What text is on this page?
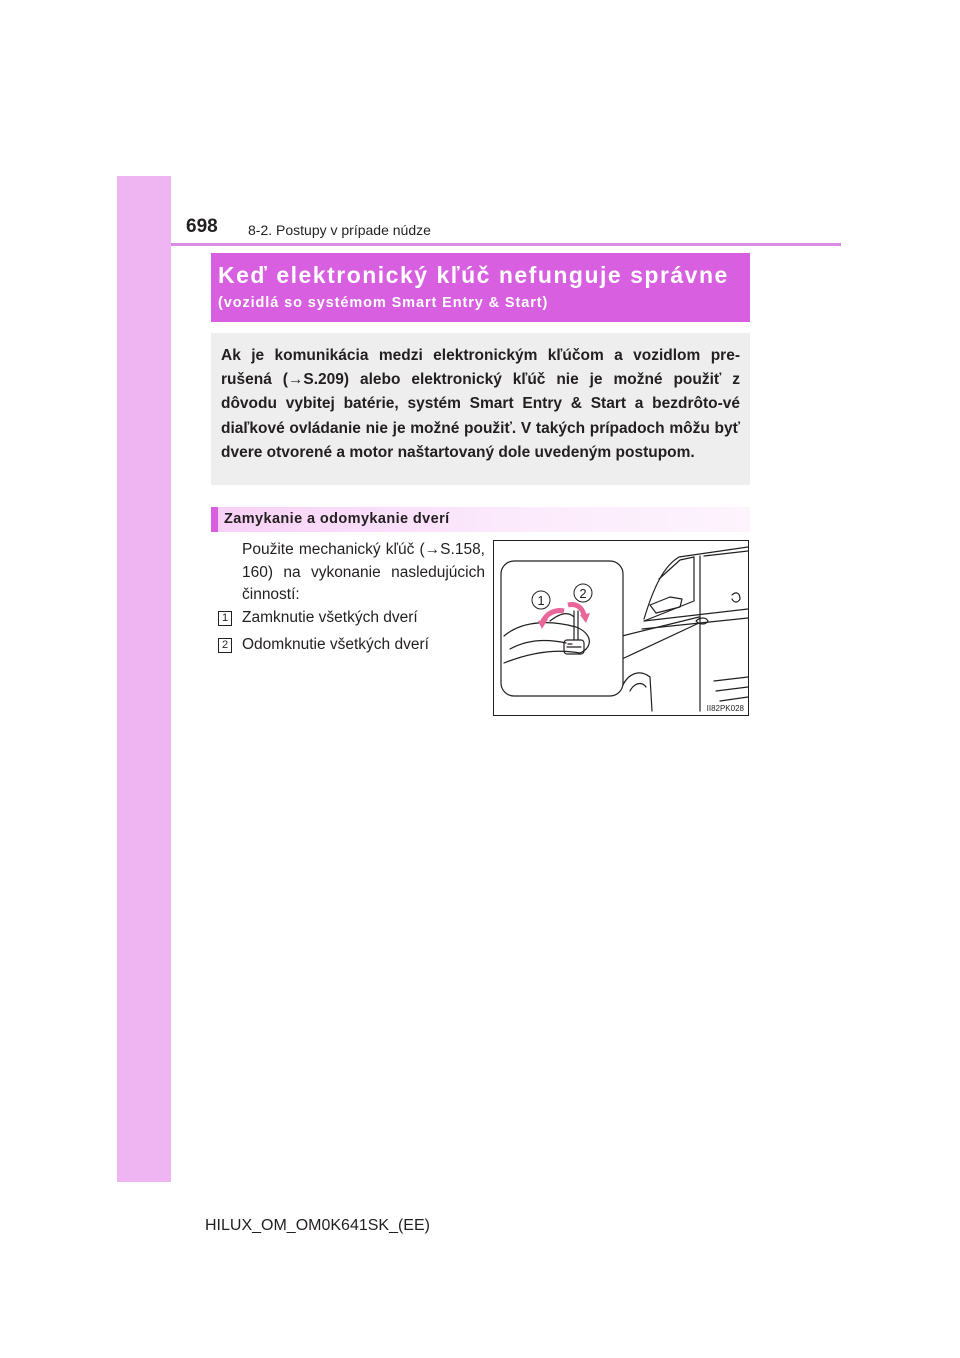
698 8-2. Postupy v prípade núdze
Keď elektronický kľúč nefunguje správne
(vozidlá so systémom Smart Entry & Start)

Ak je komunikácia medzi elektronickým kľúčom a vozidlom pre-rušená (→S.209) alebo elektronický kľúč nie je možné použiť z dôvodu vybitej batérie, systém Smart Entry & Start a bezdrôto-vé diaľkové ovládanie nie je možné použiť. V takých prípadoch môžu byť dvere otvorené a motor naštartovaný dole uvedeným postupom.

Zamykanie a odomykanie dverí

Použite mechanický kľúč (→S.158, 160) na vykonanie nasledujúcich činností:

1 Zamknutie všetkých dverí
2 Odomknutie všetkých dverí
1	2
II82PK028
HILUX_OM_OM0K641SK_(EE)
